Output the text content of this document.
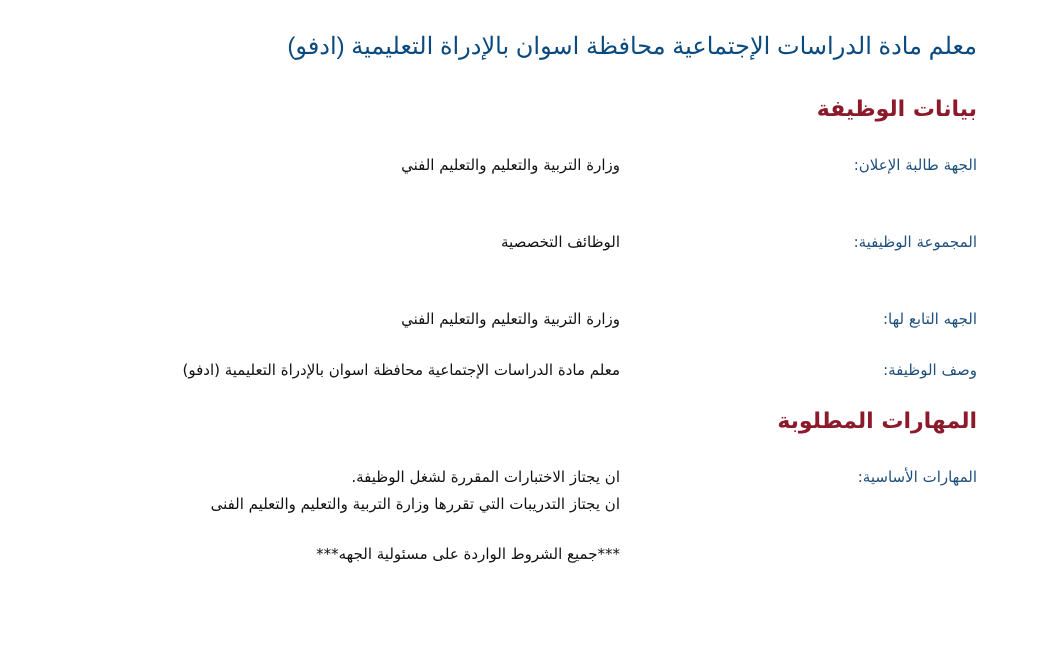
معلم مادة الدراسات الإجتماعية محافظة اسوان بالإدراة التعليمية (ادفو)
بيانات الوظيفة
الجهة طالبة الإعلان:
وزارة التربية والتعليم والتعليم الفني
المجموعة الوظيفية:
الوظائف التخصصية
الجهه التابع لها:
وزارة التربية والتعليم والتعليم الفني
وصف الوظيفة:
معلم مادة الدراسات الإجتماعية محافظة اسوان بالإدراة التعليمية (ادفو)
المهارات المطلوبة
المهارات الأساسية:
ان يجتاز الاختبارات المقررة لشغل الوظيفة.
ان يجتاز التدريبات التي تقررها وزارة التربية والتعليم والتعليم الفنى
***جميع الشروط الواردة على مسئولية الجهه***
